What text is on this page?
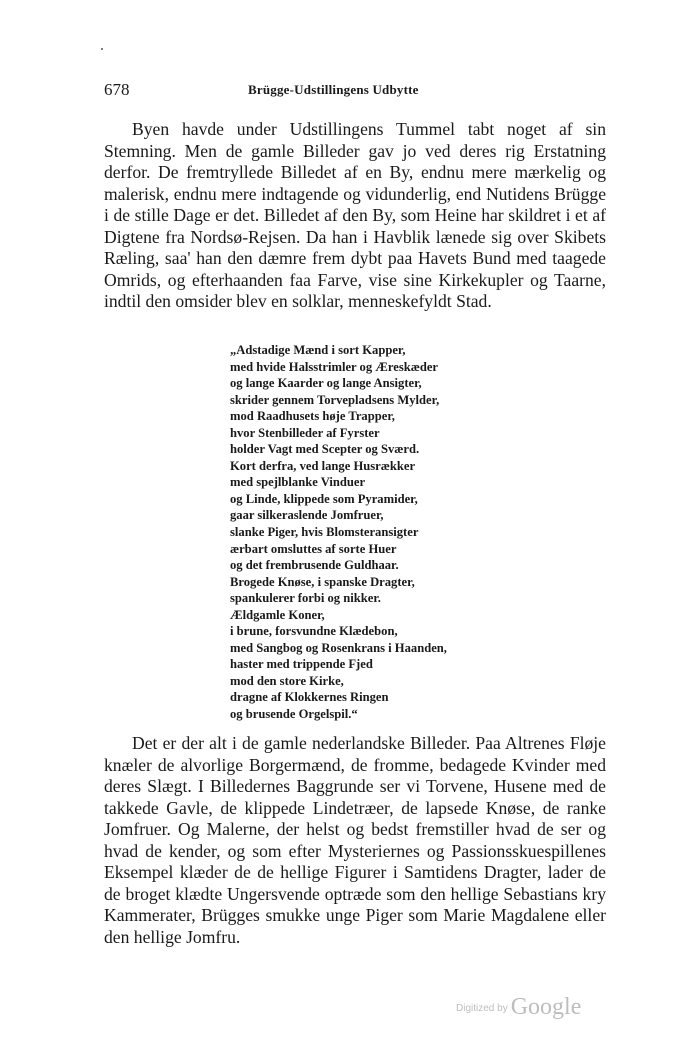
678	Brügge-Udstillingens Udbytte

Byen havde under Udstillingens Tummel tabt noget af sin Stemning. Men de gamle Billeder gav jo ved deres rig Erstatning derfor. De fremtryllede Billedet af en By, endnu mere mærkelig og malerisk, endnu mere indtagende og vidunderlig, end Nutidens Brügge i de stille Dage er det. Billedet af den By, som Heine har skildret i et af Digtene fra Nordsø-Rejsen. Da han i Havblik lænede sig over Skibets Ræling, saa' han den dæmre frem dybt paa Havets Bund med taagede Omrids, og efterhaanden faa Farve, vise sine Kirkekupler og Taarne, indtil den omsider blev en solklar, menneskefyldt Stad.

„Adstadige Mænd i sort Kapper,
med hvide Halsstrimler og Æreskæder
og lange Kaarder og lange Ansigter,
skrider gennem Torvepladsens Mylder,
mod Raadhusets høje Trapper,
hvor Stenbilleder af Fyrster
holder Vagt med Scepter og Sværd.
Kort derfra, ved lange Husrækker
med spejlblanke Vinduer
og Linde, klippede som Pyramider,
gaar silkeraslende Jomfruer,
slanke Piger, hvis Blomsteransigter
ærbart omsluttes af sorte Huer
og det frembrusende Guldhaar.
Brogede Knøse, i spanske Dragter,
spankulerer forbi og nikker.
Ældgamle Koner,
i brune, forsvundne Klædebon,
med Sangbog og Rosenkrans i Haanden,
haster med trippende Fjed
mod den store Kirke,
dragne af Klokkernes Ringen
og brusende Orgelspil.“

Det er der alt i de gamle nederlandske Billeder. Paa Altrenes Fløje knæler de alvorlige Borgermænd, de fromme, bedagede Kvinder med deres Slægt. I Billedernes Baggrunde ser vi Torvene, Husene med de takkede Gavle, de klippede Lindetræer, de lapsede Knøse, de ranke Jomfruer. Og Malerne, der helst og bedst fremstiller hvad de ser og hvad de kender, og som efter Mysteriernes og Passionsskuespillenes Eksempel klæder de de hellige Figurer i Samtidens Dragter, lader de de broget klædte Ungersvende optræde som den hellige Sebastians kry Kammerater, Brügges smukke unge Piger som Marie Magdalene eller den hellige Jomfru.

Digitized by Google
